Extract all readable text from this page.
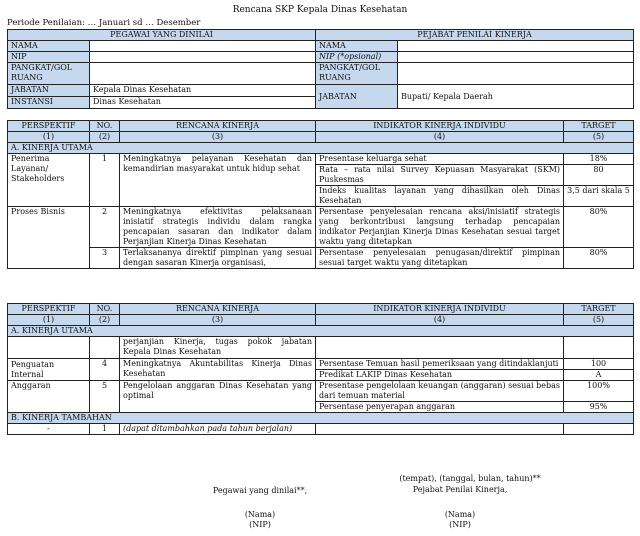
Rencana SKP Kepala Dinas Kesehatan
Periode Penilaian: … Januari sd … Desember
PEGAWAI YANG DINILAI		PEJABAT PENILAI KINERJA	
NAMA		NAMA	
NIP		NIP (*opsional)	
PANGKAT/GOL RUANG		PANGKAT/GOL RUANG	
JABATAN	Kepala Dinas Kesehatan	JABATAN	Bupati/ Kepala Daerah
INSTANSI	Dinas Kesehatan		
PERSPEKTIF	NO.	RENCANA KINERJA	INDIKATOR KINERJA INDIVIDU	TARGET
(1)	(2)	(3)	(4)	(5)
A. KINERJA UTAMA				
Penerima Layanan/ Stakeholders	1	Meningkatnya pelayanan Kesehatan dan kemandirian masyarakat untuk hidup sehat	Presentase keluarga sehat	18%
			Rata – rata nilai Survey Kepuasan Masyarakat (SKM) Puskesmas	80
			Indeks kualitas layanan yang dihasilkan oleh Dinas Kesehatan	3,5 dari skala 5
Proses Bisnis	2	Meningkatnya efektivitas pelaksanaan inisiatif strategis individu dalam rangka pencapaian sasaran dan indikator dalam Perjanjian Kinerja Dinas Kesehatan	Persentase penyelesaian rencana aksi/inisiatif strategis yang berkontribusi langsung terhadap pencapaian indikator Perjanjian Kinerja Dinas Kesehatan sesuai target waktu yang ditetapkan	80%
	3	Terlaksananya direktif pimpinan yang sesuai dengan sasaran Kinerja organisasi,	Persentase penyelesaian penugasan/direktif pimpinan sesuai target waktu yang ditetapkan	80%
PERSPEKTIF	NO.	RENCANA KINERJA	INDIKATOR KINERJA INDIVIDU	TARGET
(1)	(2)	(3)	(4)	(5)
A. KINERJA UTAMA				
		perjanjian Kinerja, tugas pokok jabatan Kepala Dinas Kesehatan		
Penguatan Internal	4	Meningkatnya Akuntabilitas Kinerja Dinas Kesehatan	Persentase Temuan hasil pemeriksaan yang ditindaklanjuti	100
			Predikat LAKIP Dinas Kesehatan	A
Anggaran	5	Pengelolaan anggaran Dinas Kesehatan yang optimal	Presentase pengelolaan keuangan (anggaran) sesuai bebas dari temuan material	100%
			Persentase penyerapan anggaran	95%
B. KINERJA TAMBAHAN				
-	1	(dapat ditambahkan pada tahun berjalan)		
(tempat), (tanggal, bulan, tahun)**
Pegawai yang dinilai**,	Pejabat Penilai Kinerja,
(Nama)
(NIP)
(Nama)
(NIP)
